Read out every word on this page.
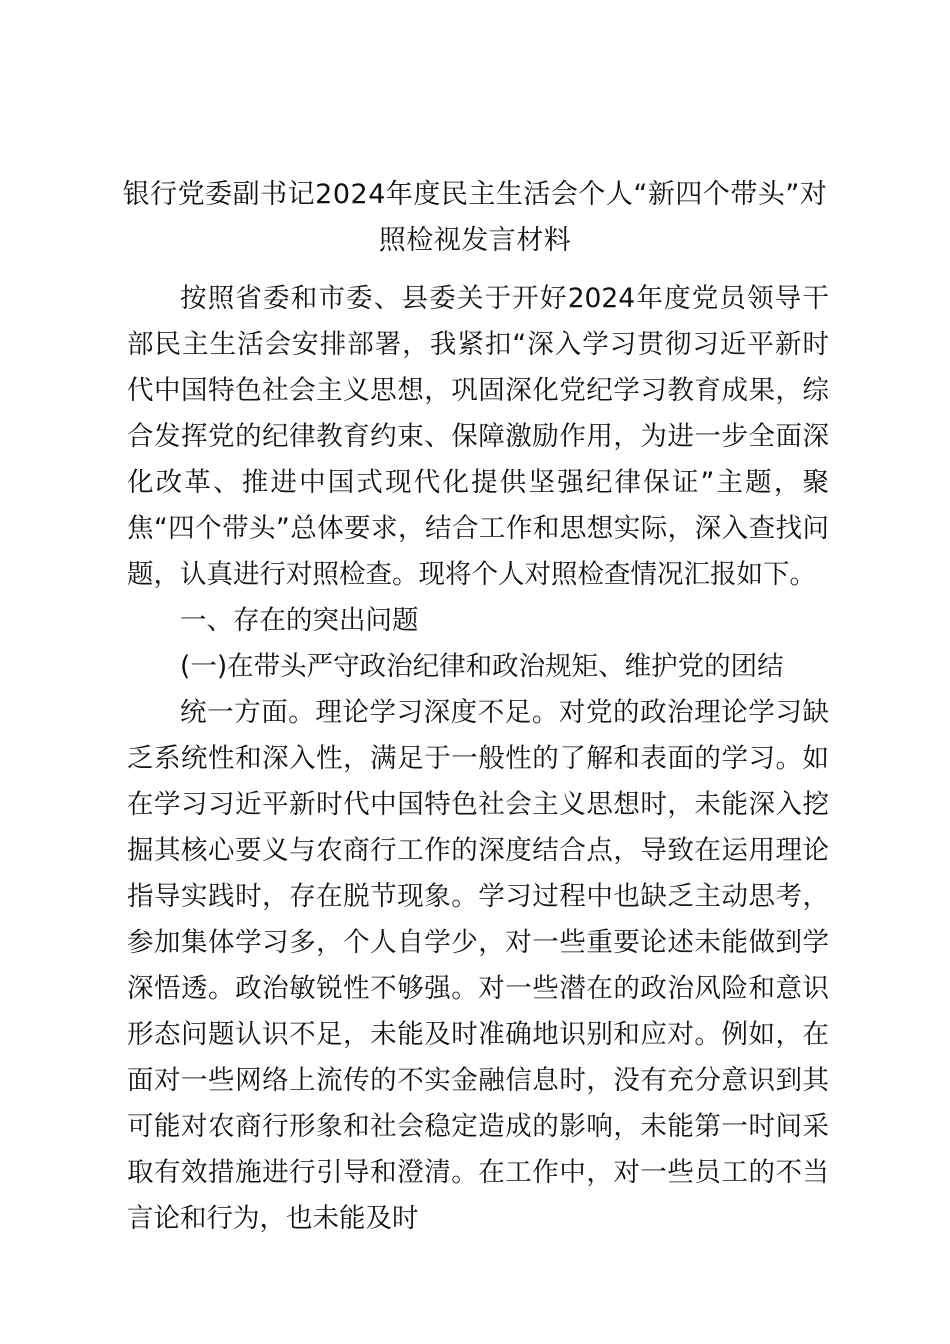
银行党委副书记2024年度民主生活会个人“新四个带头”对照检视发言材料

按照省委和市委、县委关于开好2024年度党员领导干部民主生活会安排部署，我紧扣“深入学习贯彻习近平新时代中国特色社会主义思想，巩固深化党纪学习教育成果，综合发挥党的纪律教育约束、保障激励作用，为进一步全面深化改革、推进中国式现代化提供坚强纪律保证”主题，聚焦“四个带头”总体要求，结合工作和思想实际，深入查找问题，认真进行对照检查。现将个人对照检查情况汇报如下。

一、存在的突出问题

(一)在带头严守政治纪律和政治规矩、维护党的团结

统一方面。理论学习深度不足。对党的政治理论学习缺乏系统性和深入性，满足于一般性的了解和表面的学习。如在学习习近平新时代中国特色社会主义思想时，未能深入挖掘其核心要义与农商行工作的深度结合点，导致在运用理论指导实践时，存在脱节现象。学习过程中也缺乏主动思考，参加集体学习多，个人自学少，对一些重要论述未能做到学深悟透。政治敏锐性不够强。对一些潜在的政治风险和意识形态问题认识不足，未能及时准确地识别和应对。例如，在面对一些网络上流传的不实金融信息时，没有充分意识到其可能对农商行形象和社会稳定造成的影响，未能第一时间采取有效措施进行引导和澄清。在工作中，对一些员工的不当言论和行为，也未能及时
